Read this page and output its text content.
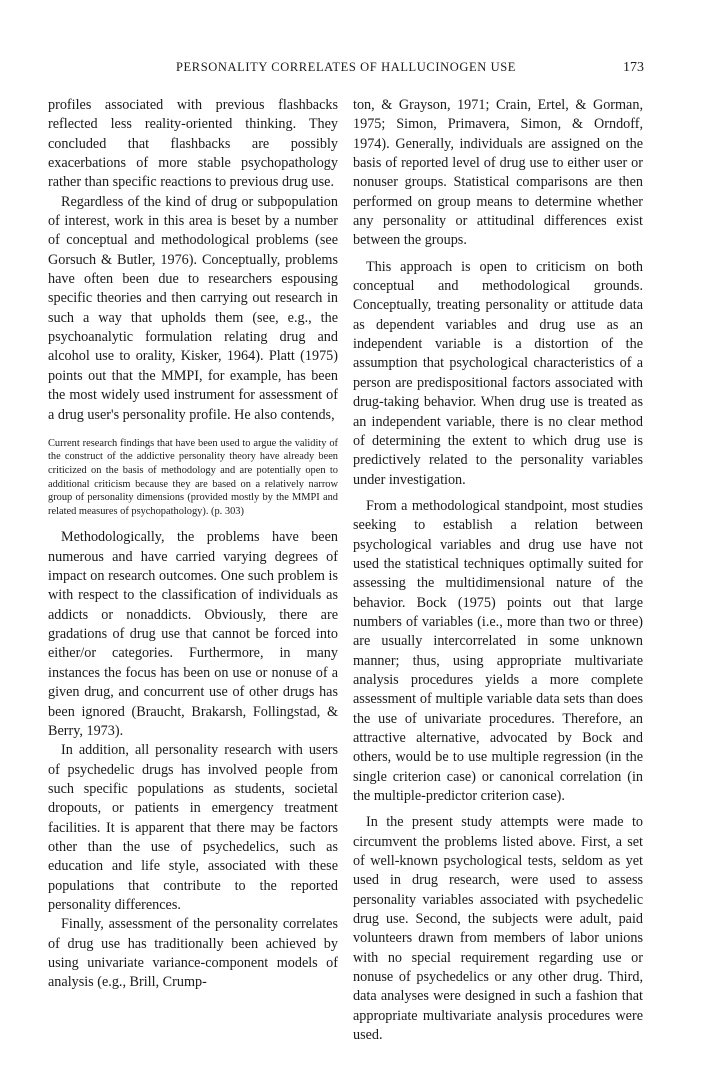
PERSONALITY CORRELATES OF HALLUCINOGEN USE	173

profiles associated with previous flashbacks reflected less reality-oriented thinking. They concluded that flashbacks are possibly exacerbations of more stable psychopathology rather than specific reactions to previous drug use.

Regardless of the kind of drug or subpopulation of interest, work in this area is beset by a number of conceptual and methodological problems (see Gorsuch & Butler, 1976). Conceptually, problems have often been due to researchers espousing specific theories and then carrying out research in such a way that upholds them (see, e.g., the psychoanalytic formulation relating drug and alcohol use to orality, Kisker, 1964). Platt (1975) points out that the MMPI, for example, has been the most widely used instrument for assessment of a drug user's personality profile. He also contends,

Current research findings that have been used to argue the validity of the construct of the addictive personality theory have already been criticized on the basis of methodology and are potentially open to additional criticism because they are based on a relatively narrow group of personality dimensions (provided mostly by the MMPI and related measures of psychopathology). (p. 303)

Methodologically, the problems have been numerous and have carried varying degrees of impact on research outcomes. One such problem is with respect to the classification of individuals as addicts or nonaddicts. Obviously, there are gradations of drug use that cannot be forced into either/or categories. Furthermore, in many instances the focus has been on use or nonuse of a given drug, and concurrent use of other drugs has been ignored (Braucht, Brakarsh, Follingstad, & Berry, 1973).

In addition, all personality research with users of psychedelic drugs has involved people from such specific populations as students, societal dropouts, or patients in emergency treatment facilities. It is apparent that there may be factors other than the use of psychedelics, such as education and life style, associated with these populations that contribute to the reported personality differences.

Finally, assessment of the personality correlates of drug use has traditionally been achieved by using univariate variance-component models of analysis (e.g., Brill, Crump-

ton, & Grayson, 1971; Crain, Ertel, & Gorman, 1975; Simon, Primavera, Simon, & Orndoff, 1974). Generally, individuals are assigned on the basis of reported level of drug use to either user or nonuser groups. Statistical comparisons are then performed on group means to determine whether any personality or attitudinal differences exist between the groups.

This approach is open to criticism on both conceptual and methodological grounds. Conceptually, treating personality or attitude data as dependent variables and drug use as an independent variable is a distortion of the assumption that psychological characteristics of a person are predispositional factors associated with drug-taking behavior. When drug use is treated as an independent variable, there is no clear method of determining the extent to which drug use is predictively related to the personality variables under investigation.

From a methodological standpoint, most studies seeking to establish a relation between psychological variables and drug use have not used the statistical techniques optimally suited for assessing the multidimensional nature of the behavior. Bock (1975) points out that large numbers of variables (i.e., more than two or three) are usually intercorrelated in some unknown manner; thus, using appropriate multivariate analysis procedures yields a more complete assessment of multiple variable data sets than does the use of univariate procedures. Therefore, an attractive alternative, advocated by Bock and others, would be to use multiple regression (in the single criterion case) or canonical correlation (in the multiple-predictor criterion case).

In the present study attempts were made to circumvent the problems listed above. First, a set of well-known psychological tests, seldom as yet used in drug research, were used to assess personality variables associated with psychedelic drug use. Second, the subjects were adult, paid volunteers drawn from members of labor unions with no special requirement regarding use or nonuse of psychedelics or any other drug. Third, data analyses were designed in such a fashion that appropriate multivariate analysis procedures were used.
